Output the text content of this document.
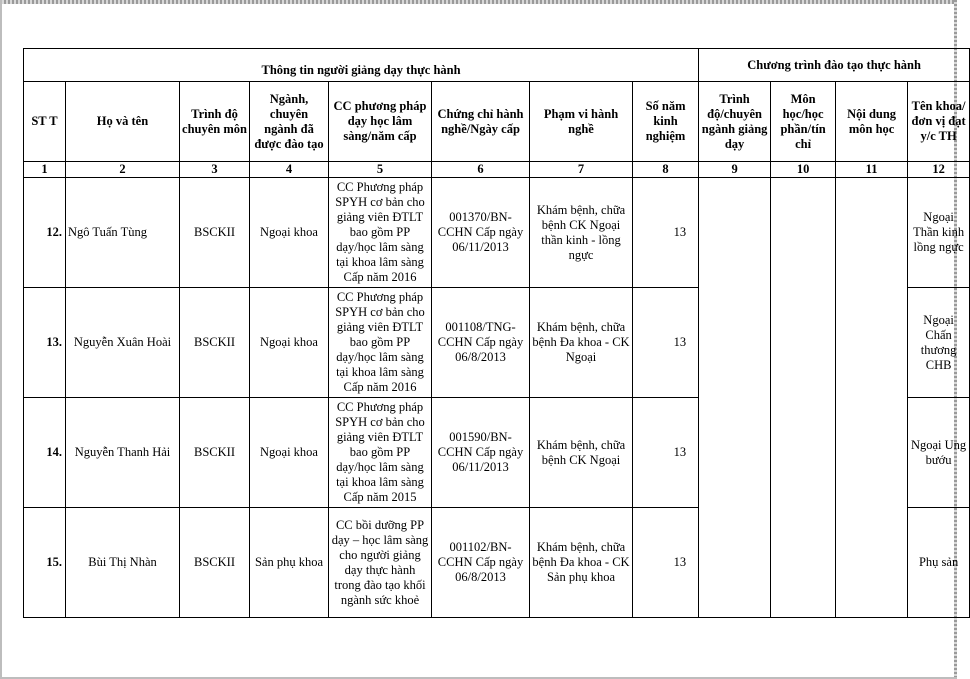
Thông tin người giảng dạy thực hành								Chương trình đào tạo thực hành			
ST T	Họ và tên	Trình độ chuyên môn	Ngành, chuyên ngành đã được đào tạo	CC phương pháp dạy học lâm sàng/năm cấp	Chứng chỉ hành nghề/Ngày cấp	Phạm vi hành nghề	Số năm kinh nghiệm	Trình độ/chuyên ngành giảng dạy	Môn học/học phần/tín chỉ	Nội dung môn học	Tên khoa/đơn vị đạt y/c TH
1	2	3	4	5	6	7	8	9	10	11	12
12.	Ngô Tuấn Tùng	BSCKII	Ngoại khoa	CC Phương pháp SPYH cơ bản cho giảng viên ĐTLT bao gồm PP dạy/học lâm sàng tại khoa lâm sàng Cấp năm 2016	001370/BN-CCHN Cấp ngày 06/11/2013	Khám bệnh, chữa bệnh CK Ngoại thần kinh - lồng ngực	13				Ngoại Thần kinh lồng ngực
13.	Nguyễn Xuân Hoài	BSCKII	Ngoại khoa	CC Phương pháp SPYH cơ bản cho giảng viên ĐTLT bao gồm PP dạy/học lâm sàng tại khoa lâm sàng Cấp năm 2016	001108/TNG-CCHN Cấp ngày 06/8/2013	Khám bệnh, chữa bệnh Đa khoa - CK Ngoại	13				Ngoại Chấn thương CHB
14.	Nguyễn Thanh Hải	BSCKII	Ngoại khoa	CC Phương pháp SPYH cơ bản cho giảng viên ĐTLT bao gồm PP dạy/học lâm sàng tại khoa lâm sàng Cấp năm 2015	001590/BN-CCHN Cấp ngày 06/11/2013	Khám bệnh, chữa bệnh CK Ngoại	13				Ngoại Ung bướu
15.	Bùi Thị Nhàn	BSCKII	Sản phụ khoa	CC bồi dưỡng PP dạy – học lâm sàng cho người giảng dạy thực hành trong đào tạo khối ngành sức khoẻ	001102/BN-CCHN Cấp ngày 06/8/2013	Khám bệnh, chữa bệnh Đa khoa - CK Sản phụ khoa	13				Phụ sản
